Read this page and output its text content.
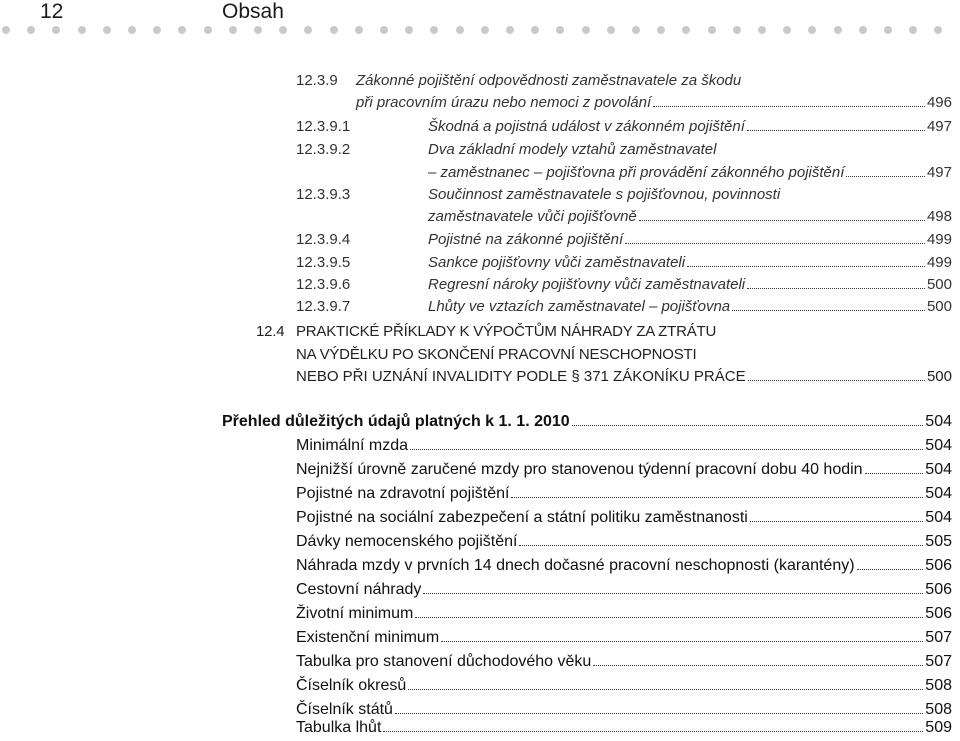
12	Obsah
12.3.9 Zákonné pojištění odpovědnosti zaměstnavatele za škodu
při pracovním úrazu nebo nemoci z povolání	496
12.3.9.1	Škodná a pojistná událost v zákonném pojištění	497
12.3.9.2	Dva základní modely vztahů zaměstnavatel
– zaměstnanec – pojišťovna při provádění zákonného pojištění	497
12.3.9.3	Součinnost zaměstnavatele s pojišťovnou, povinnosti
zaměstnavatele vůči pojišťovně	498
12.3.9.4	Pojistné na zákonné pojištění	499
12.3.9.5	Sankce pojišťovny vůči zaměstnavateli	499
12.3.9.6	Regresní nároky pojišťovny vůči zaměstnavateli	500
12.3.9.7	Lhůty ve vztazích zaměstnavatel – pojišťovna	500
12.4 PRAKTICKÉ PŘÍKLADY K VÝPOČTŮM NÁHRADY ZA ZTRÁTU
NA VÝDĚLKU PO SKONČENÍ PRACOVNÍ NESCHOPNOSTI
NEBO PŘI UZNÁNÍ INVALIDITY PODLE § 371 ZÁKONÍKU PRÁCE	500
Přehled důležitých údajů platných k 1. 1. 2010	504
Minimální mzda	504
Nejnižší úrovně zaručené mzdy pro stanovenou týdenní pracovní dobu 40 hodin	504
Pojistné na zdravotní pojištění	504
Pojistné na sociální zabezpečení a státní politiku zaměstnanosti	504
Dávky nemocenského pojištění	505
Náhrada mzdy v prvních 14 dnech dočasné pracovní neschopnosti (karantény)	506
Cestovní náhrady	506
Životní minimum	506
Existenční minimum	507
Tabulka pro stanovení důchodového věku	507
Číselník okresů	508
Číselník států	508
Tabulka lhůt	509
